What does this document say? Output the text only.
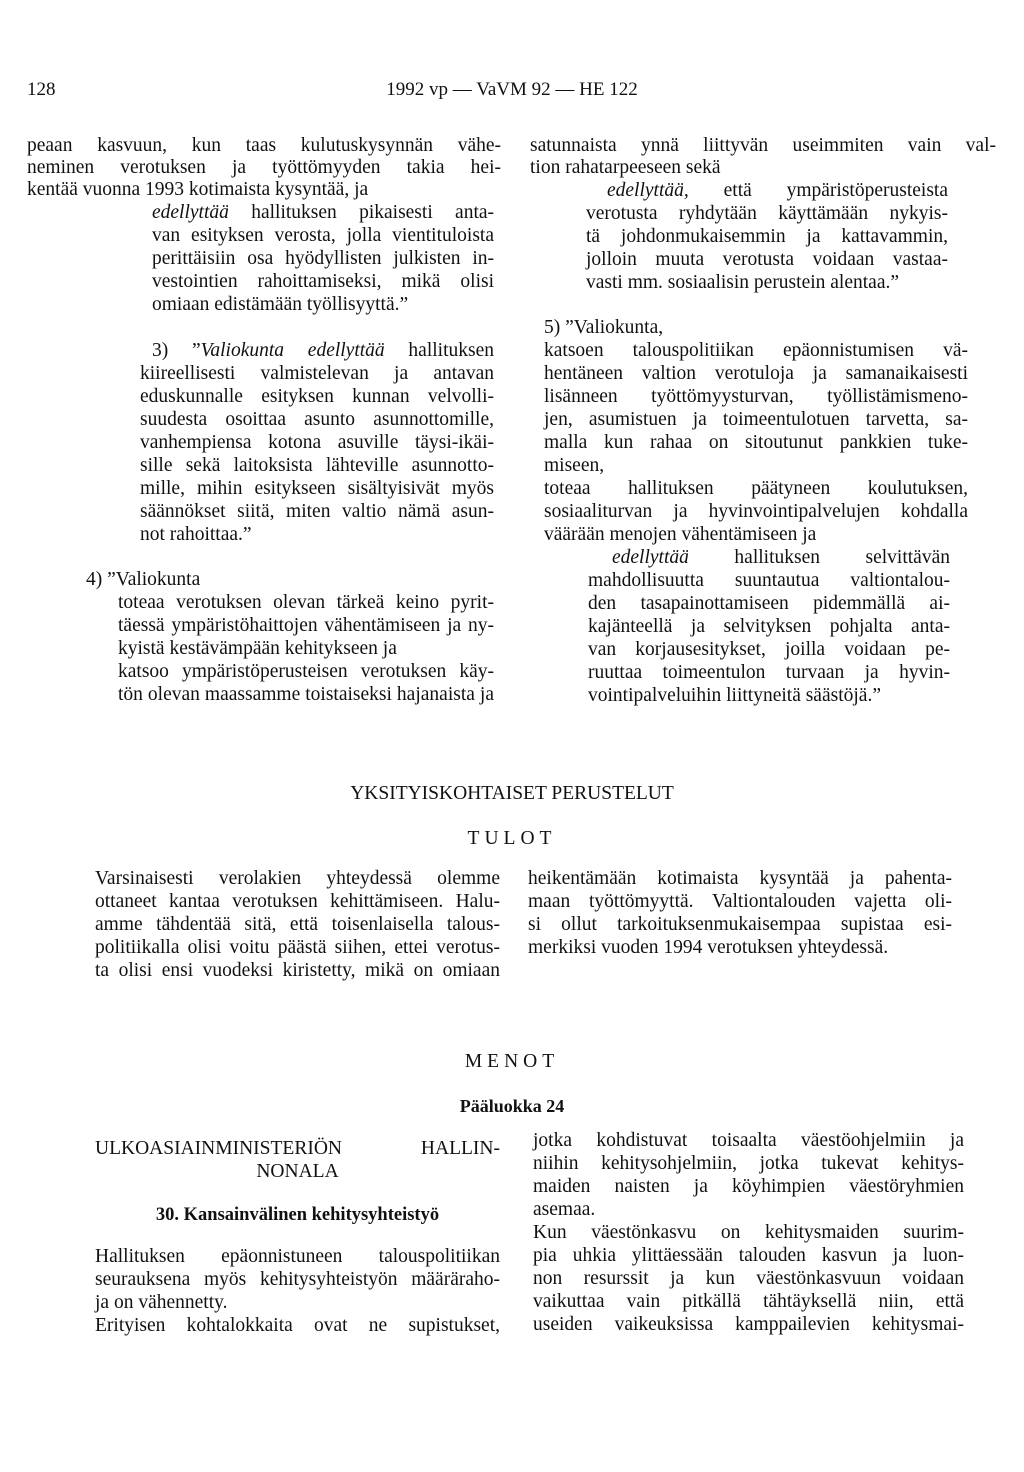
128	1992 vp — VaVM 92 — HE 122
peaan kasvuun, kun taas kulutuskysynnän vähe-
neminen verotuksen ja työttömyyden takia hei-
kentää vuonna 1993 kotimaista kysyntää, ja
edellyttää hallituksen pikaisesti anta-
van esityksen verosta, jolla vientituloista
perittäisiin osa hyödyllisten julkisten in-
vestointien rahoittamiseksi, mikä olisi
omiaan edistämään työllisyyttä.”
3) ”Valiokunta edellyttää hallituksen
kiireellisesti valmistelevan ja antavan
eduskunnalle esityksen kunnan velvolli-
suudesta osoittaa asunto asunnottomille,
vanhempiensa kotona asuville täysi-ikäi-
sille sekä laitoksista lähteville asunnotto-
mille, mihin esitykseen sisältyisivät myös
säännökset siitä, miten valtio nämä asun-
not rahoittaa.”
4) ”Valiokunta
toteaa verotuksen olevan tärkeä keino pyrit-
täessä ympäristöhaittojen vähentämiseen ja ny-
kyistä kestävämpään kehitykseen ja
katsoo ympäristöperusteisen verotuksen käy-
tön olevan maassamme toistaiseksi hajanaista ja
satunnaista ynnä liittyvän useimmiten vain val-
tion rahatarpeeseen sekä
edellyttää, että ympäristöperusteista
verotusta ryhdytään käyttämään nykyis-
tä johdonmukaisemmin ja kattavammin,
jolloin muuta verotusta voidaan vastaa-
vasti mm. sosiaalisin perustein alentaa.”
5) ”Valiokunta,
katsoen talouspolitiikan epäonnistumisen vä-
hentäneen valtion verotuloja ja samanaikaisesti
lisänneen työttömyysturvan, työllistämismeno-
jen, asumistuen ja toimeentulotuen tarvetta, sa-
malla kun rahaa on sitoutunut pankkien tuke-
miseen,
toteaa hallituksen päätyneen koulutuksen,
sosiaaliturvan ja hyvinvointipalvelujen kohdalla
väärään menojen vähentämiseen ja
edellyttää hallituksen selvittävän
mahdollisuutta suuntautua valtiontalou-
den tasapainottamiseen pidemmällä ai-
kajänteellä ja selvityksen pohjalta anta-
van korjausesitykset, joilla voidaan pe-
ruuttaa toimeentulon turvaan ja hyvin-
vointipalveluihin liittyneitä säästöjä.”
YKSITYISKOHTAISET PERUSTELUT
TULOT
Varsinaisesti verolakien yhteydessä olemme
ottaneet kantaa verotuksen kehittämiseen. Halu-
amme tähdentää sitä, että toisenlaisella talous-
politiikalla olisi voitu päästä siihen, ettei verotus-
ta olisi ensi vuodeksi kiristetty, mikä on omiaan
heikentämään kotimaista kysyntää ja pahenta-
maan työttömyyttä. Valtiontalouden vajetta oli-
si ollut tarkoituksenmukaisempaa supistaa esi-
merkiksi vuoden 1994 verotuksen yhteydessä.
MENOT
Pääluokka 24
ULKOASIAINMINISTERIÖN HALLIN-
NONALA
30. Kansainvälinen kehitysyhteistyö
Hallituksen epäonnistuneen talouspolitiikan
seurauksena myös kehitysyhteistyön määräraho-
ja on vähennetty.
Erityisen kohtalokkaita ovat ne supistukset,
jotka kohdistuvat toisaalta väestöohjelmiin ja
niihin kehitysohjelmiin, jotka tukevat kehitys-
maiden naisten ja köyhimpien väestöryhmien
asemaa.
Kun väestönkasvu on kehitysmaiden suurim-
pia uhkia ylittäessään talouden kasvun ja luon-
non resurssit ja kun väestönkasvuun voidaan
vaikuttaa vain pitkällä tähtäyksellä niin, että
useiden vaikeuksissa kamppailevien kehitysmai-
